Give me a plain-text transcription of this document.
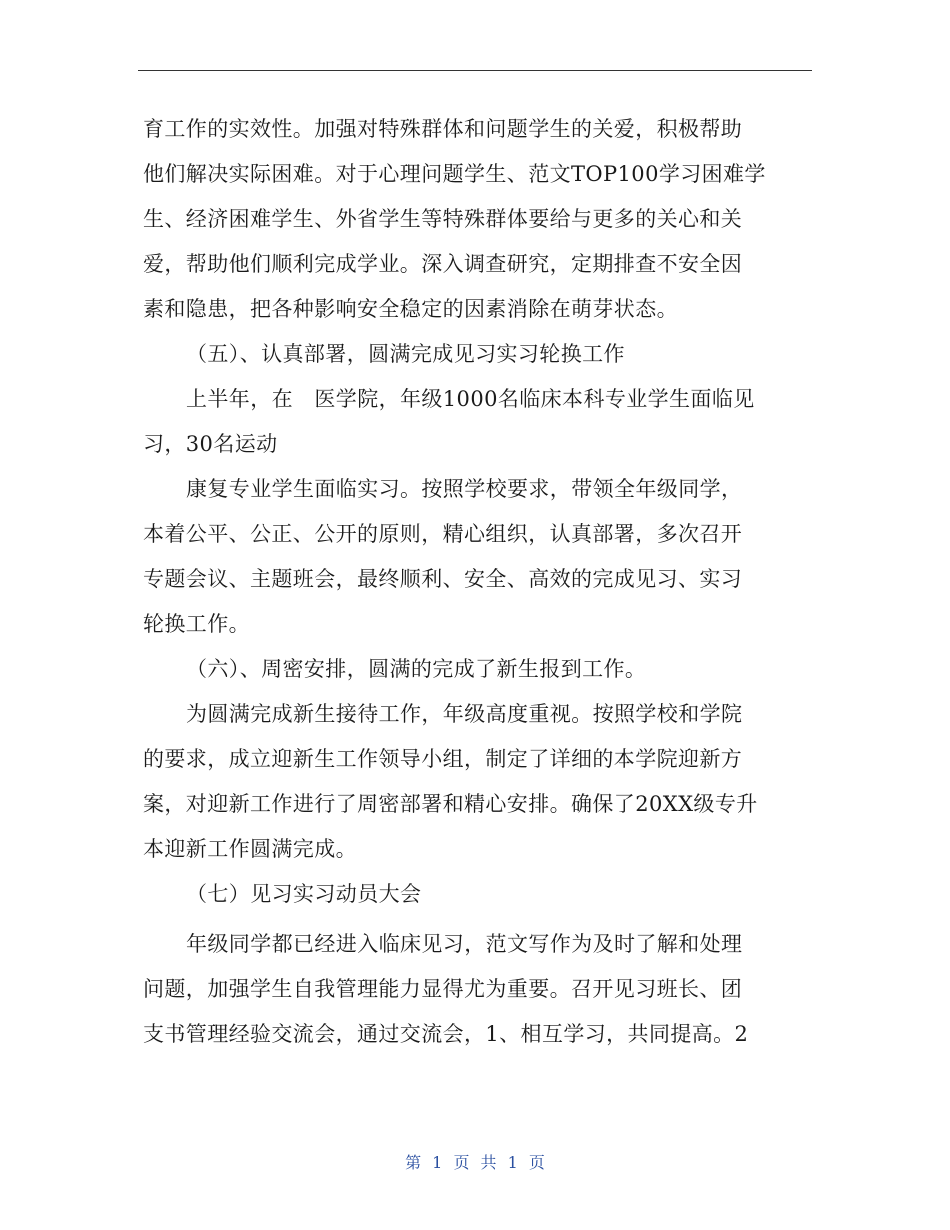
育工作的实效性。加强对特殊群体和问题学生的关爱，积极帮助
他们解决实际困难。对于心理问题学生、范文TOP100学习困难学
生、经济困难学生、外省学生等特殊群体要给与更多的关心和关
爱，帮助他们顺利完成学业。深入调查研究，定期排查不安全因
素和隐患，把各种影响安全稳定的因素消除在萌芽状态。
（五）、认真部署，圆满完成见习实习轮换工作
上半年，在　医学院，年级1000名临床本科专业学生面临见
习，30名运动
康复专业学生面临实习。按照学校要求，带领全年级同学，
本着公平、公正、公开的原则，精心组织，认真部署，多次召开
专题会议、主题班会，最终顺利、安全、高效的完成见习、实习
轮换工作。
（六）、周密安排，圆满的完成了新生报到工作。
为圆满完成新生接待工作，年级高度重视。按照学校和学院
的要求，成立迎新生工作领导小组，制定了详细的本学院迎新方
案，对迎新工作进行了周密部署和精心安排。确保了20XX级专升
本迎新工作圆满完成。
（七）见习实习动员大会
年级同学都已经进入临床见习，范文写作为及时了解和处理
问题，加强学生自我管理能力显得尤为重要。召开见习班长、团
支书管理经验交流会，通过交流会，1、相互学习，共同提高。2
第 1 页 共 1 页
